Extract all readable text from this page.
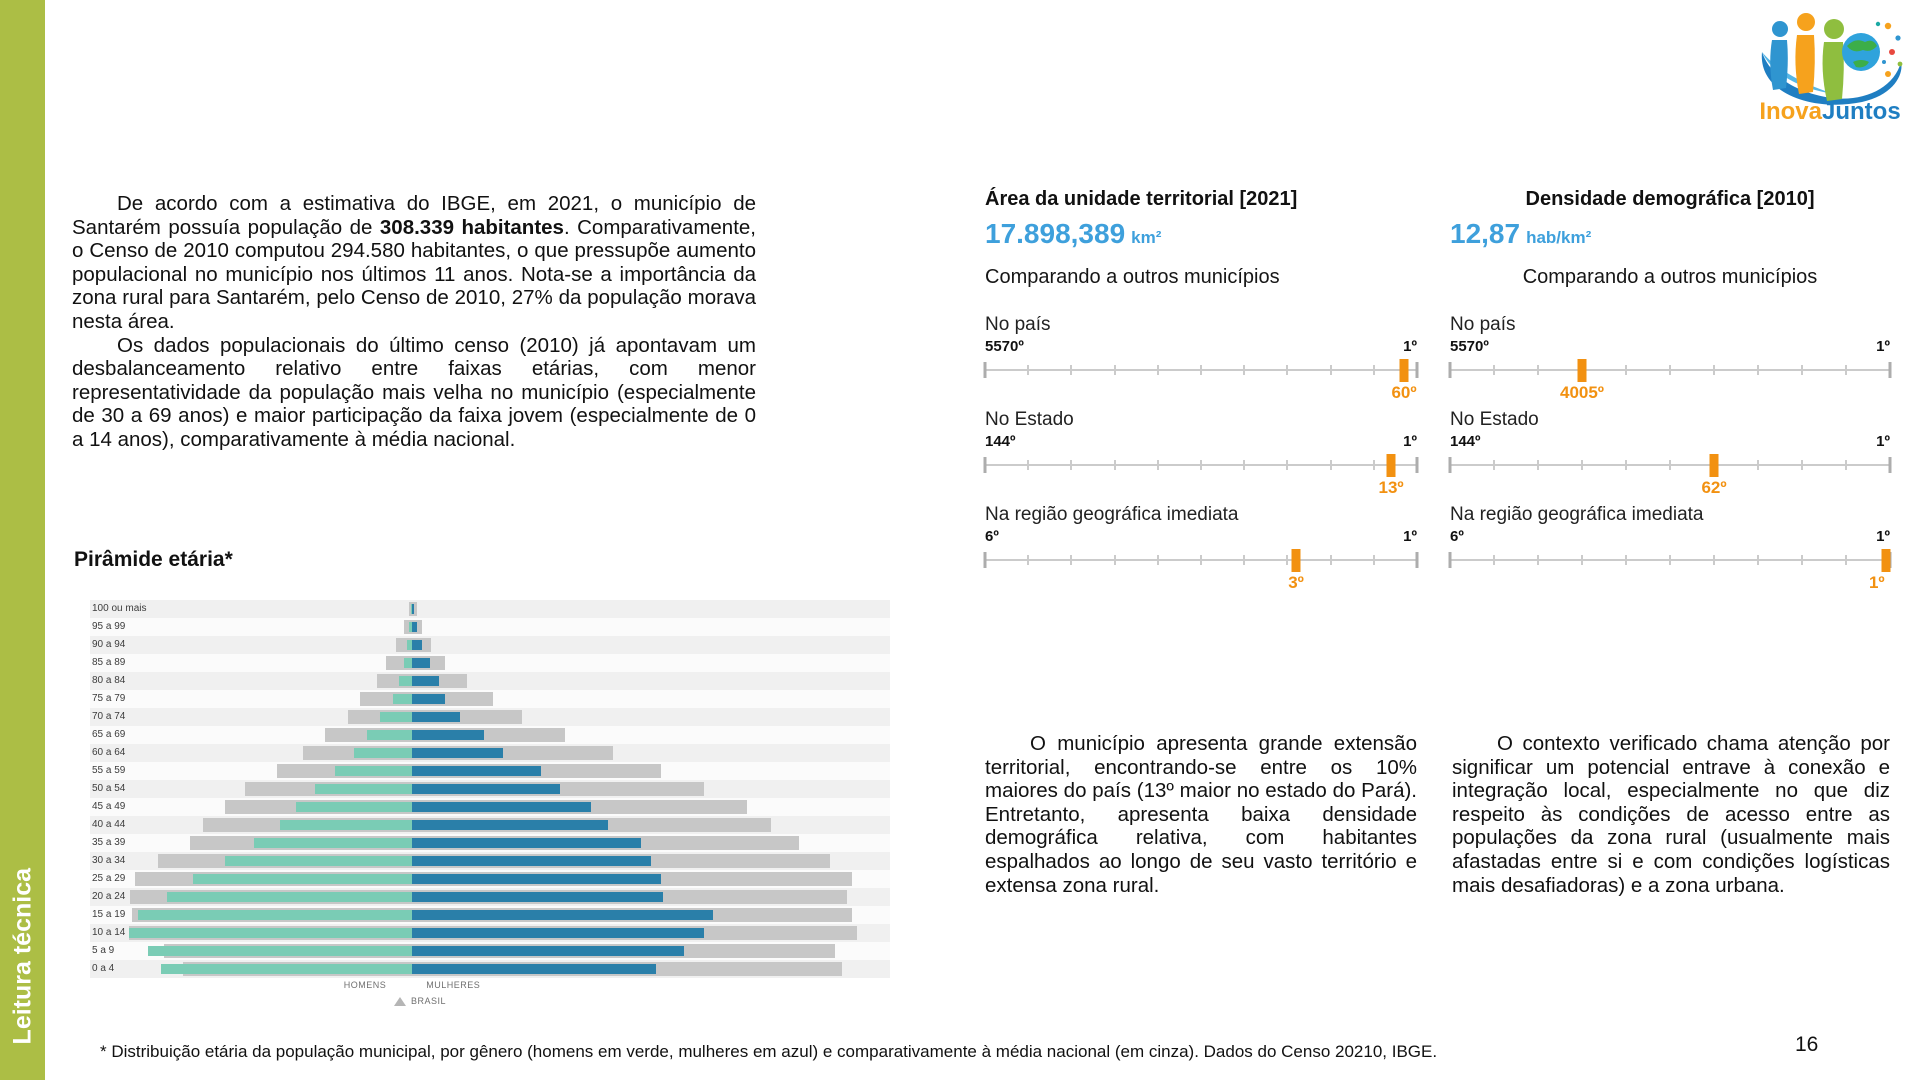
Leitura técnica
InovaJuntos

De acordo com a estimativa do IBGE, em 2021, o município de Santarém possuía população de 308.339 habitantes. Comparativamente, o Censo de 2010 computou 294.580 habitantes, o que pressupõe aumento populacional no município nos últimos 11 anos. Nota-se a importância da zona rural para Santarém, pelo Censo de 2010, 27% da população morava nesta área.

Os dados populacionais do último censo (2010) já apontavam um desbalanceamento relativo entre faixas etárias, com menor representatividade da população mais velha no município (especialmente de 30 a 69 anos) e maior participação da faixa jovem (especialmente de 0 a 14 anos), comparativamente à média nacional.

Pirâmide etária*
100 ou mais
95 a 99
90 a 94
85 a 89
80 a 84
75 a 79
70 a 74
65 a 69
60 a 64
55 a 59
50 a 54
45 a 49
40 a 44
35 a 39
30 a 34
25 a 29
20 a 24
15 a 19
10 a 14
5 a 9
0 a 4
HOMENS	MULHERES
BRASIL
Área da unidade territorial [2021]
17.898,389 km²
Comparando a outros municípios
No país
5570º	1º
60º
No Estado
144º	1º
13º
Na região geográfica imediata
6º	1º
3º
Densidade demográfica [2010]
12,87 hab/km²
Comparando a outros municípios
No país
5570º	1º
4005º
No Estado
144º	1º
62º
Na região geográfica imediata
6º	1º
1º

O município apresenta grande extensão territorial, encontrando-se entre os 10% maiores do país (13º maior no estado do Pará). Entretanto, apresenta baixa densidade demográfica relativa, com habitantes espalhados ao longo de seu vasto território e extensa zona rural.

O contexto verificado chama atenção por significar um potencial entrave à conexão e integração local, especialmente no que diz respeito às condições de acesso entre as populações da zona rural (usualmente mais afastadas entre si e com condições logísticas mais desafiadoras) e a zona urbana.

* Distribuição etária da população municipal, por gênero (homens em verde, mulheres em azul) e comparativamente à média nacional (em cinza). Dados do Censo 20210, IBGE.	16
